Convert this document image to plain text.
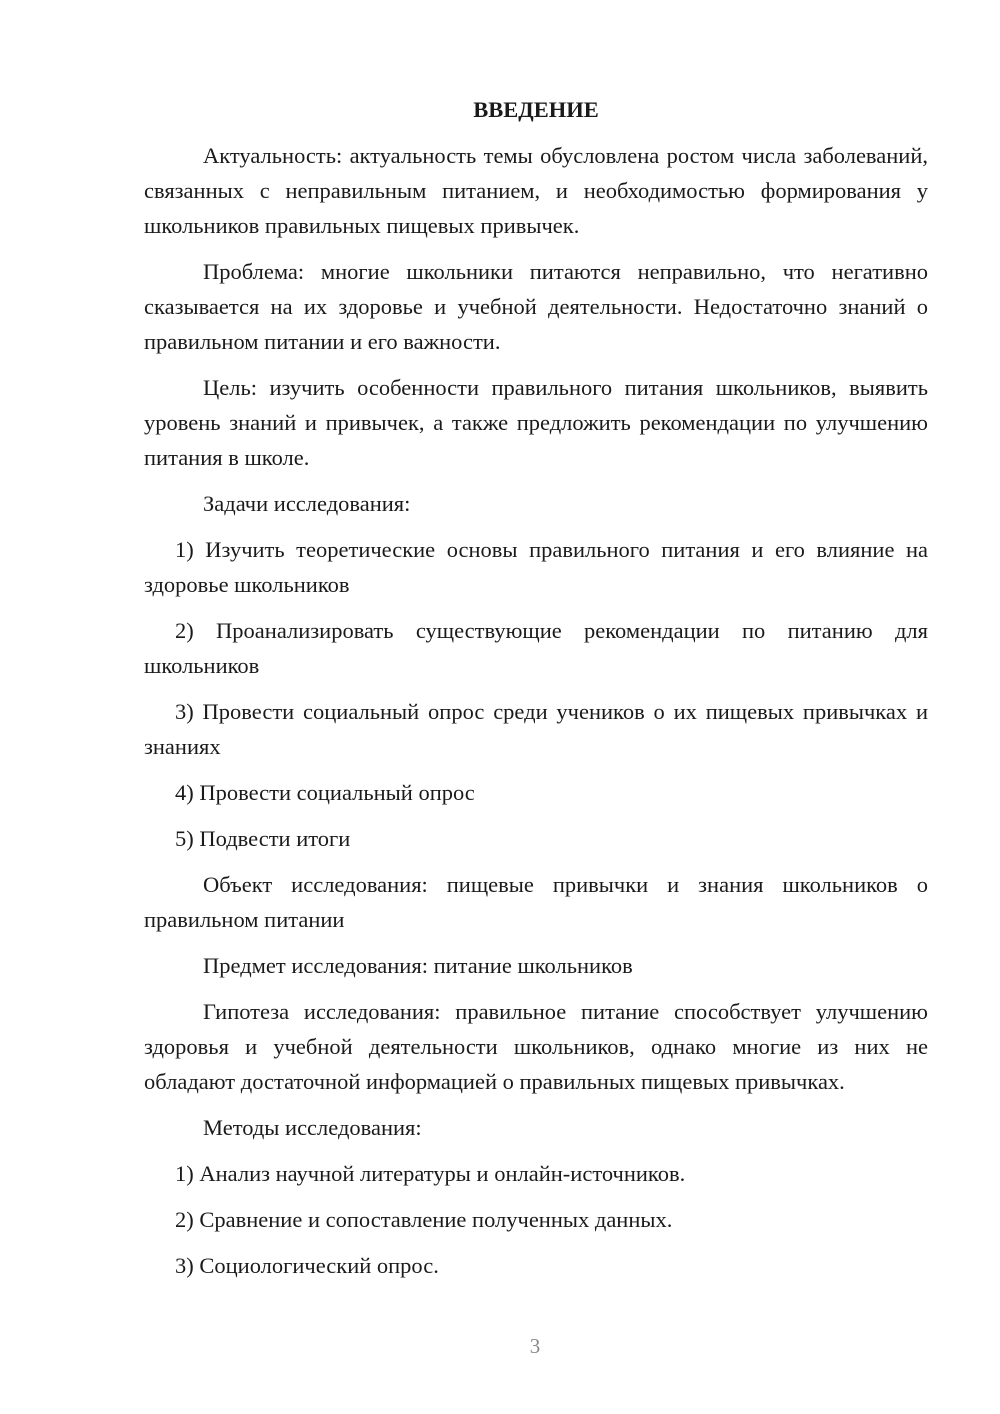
ВВЕДЕНИЕ

Актуальность: актуальность темы обусловлена ростом числа заболеваний, связанных с неправильным питанием, и необходимостью формирования у школьников правильных пищевых привычек.

Проблема: многие школьники питаются неправильно, что негативно сказывается на их здоровье и учебной деятельности. Недостаточно знаний о правильном питании и его важности.

Цель: изучить особенности правильного питания школьников, выявить уровень знаний и привычек, а также предложить рекомендации по улучшению питания в школе.

Задачи исследования:

1) Изучить теоретические основы правильного питания и его влияние на здоровье школьников

2) Проанализировать существующие рекомендации по питанию для школьников

3) Провести социальный опрос среди учеников о их пищевых привычках и знаниях

4) Провести социальный опрос

5) Подвести итоги

Объект исследования: пищевые привычки и знания школьников о правильном питании

Предмет исследования: питание школьников

Гипотеза исследования: правильное питание способствует улучшению здоровья и учебной деятельности школьников, однако многие из них не обладают достаточной информацией о правильных пищевых привычках.

Методы исследования:

1) Анализ научной литературы и онлайн-источников.

2) Сравнение и сопоставление полученных данных.

3) Социологический опрос.

3
